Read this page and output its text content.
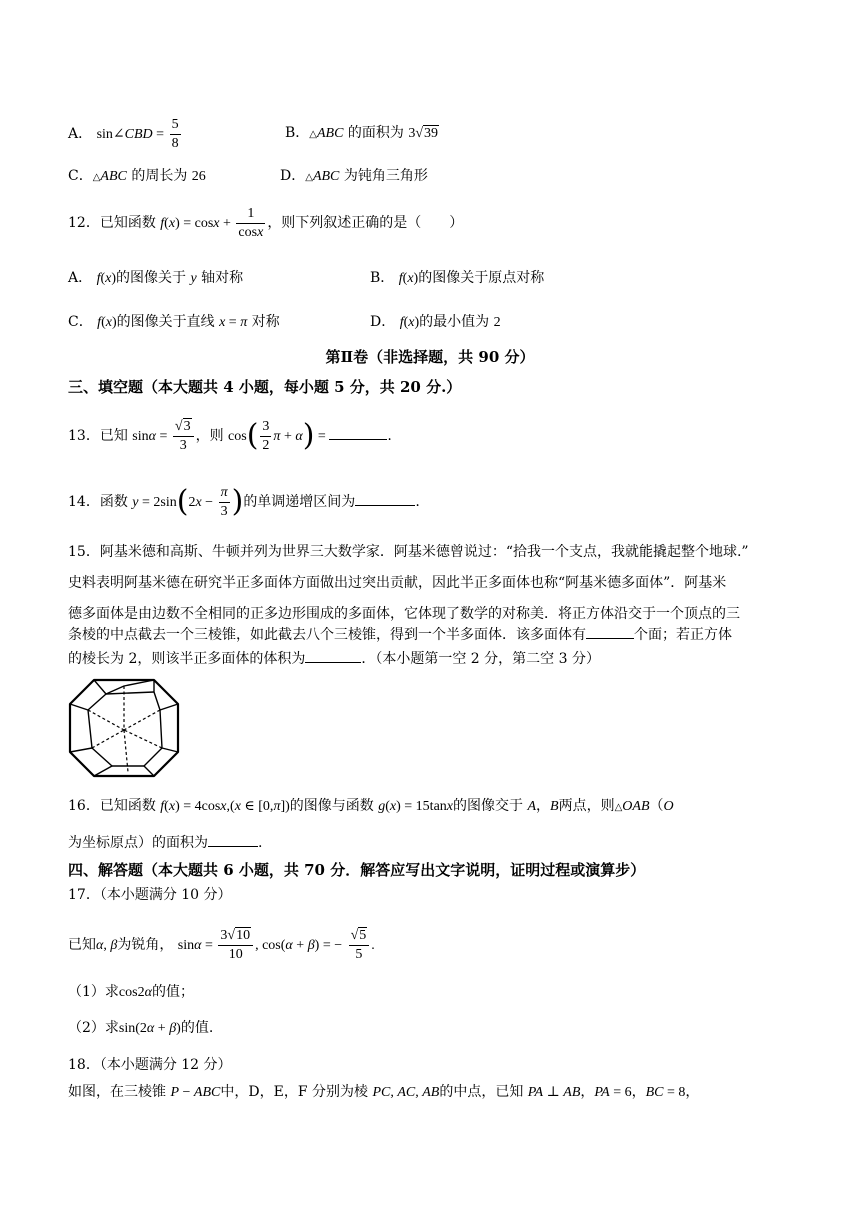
A． sin∠CBD = $\frac{5}{8}$	B．△ABC 的面积为 3√39
C．△ABC 的周长为 26	D．△ABC 为钝角三角形
12．已知函数 $f(x) = \cos x + \frac{1}{\cos x}$ ，则下列叙述正确的是（　　）
A． f(x)的图像关于 y 轴对称	B． f(x)的图像关于原点对称
C． f(x)的图像关于直线 x = π 对称	D． f(x)的最小值为 2
第Ⅱ卷（非选择题，共 90 分）
三、填空题（本大题共 4 小题，每小题 5 分，共 20 分.）
13．已知 $\sin\alpha = \frac{√3}{3}$ ，则 $\cos( \frac{3}{2}$ π + α) =	.
14．函数 $y = 2\sin(2x - \frac{\pi}{3}$ )的单调递增区间为	.
15．阿基米德和高斯、牛顿并列为世界三大数学家．阿基米德曾说过：“拾我一个支点，我就能撬起整个地球.”
史料表明阿基米德在研究半正多面体方面做出过突出贡献，因此半正多面体也称“阿基米德多面体”．阿基米
德多面体是由边数不全相同的正多边形围成的多面体，它体现了数学的对称美．将正方体沿交于一个顶点的三
条棱的中点截去一个三棱锥，如此截去八个三棱锥，得到一个半多面体．该多面体有	个面；若正方体
的棱长为 2，则该半正多面体的体积为	．（本小题第一空 2 分，第二空 3 分）
16．已知函数 f(x) = 4cosx,(x ∈ [0,π])的图像与函数 g(x) = 15tanx的图像交于 A，B两点，则△OAB（O
为坐标原点）的面积为	.
四、解答题（本大题共 6 小题，共 70 分．解答应写出文字说明，证明过程或演算步）
17．（本小题满分 10 分）
已知α, β为锐角， $\sin\alpha = \frac{3√10}{10}$ , cos(α + β) = − $\frac{√5}{5}$ .
（1）求cos2α的值；
（2）求sin(2α + β)的值.
18．（本小题满分 12 分）
如图，在三棱锥 P − ABC中，D，E，F 分别为棱 PC, AC, AB的中点，已知 PA ⊥ AB，PA = 6，BC = 8，
